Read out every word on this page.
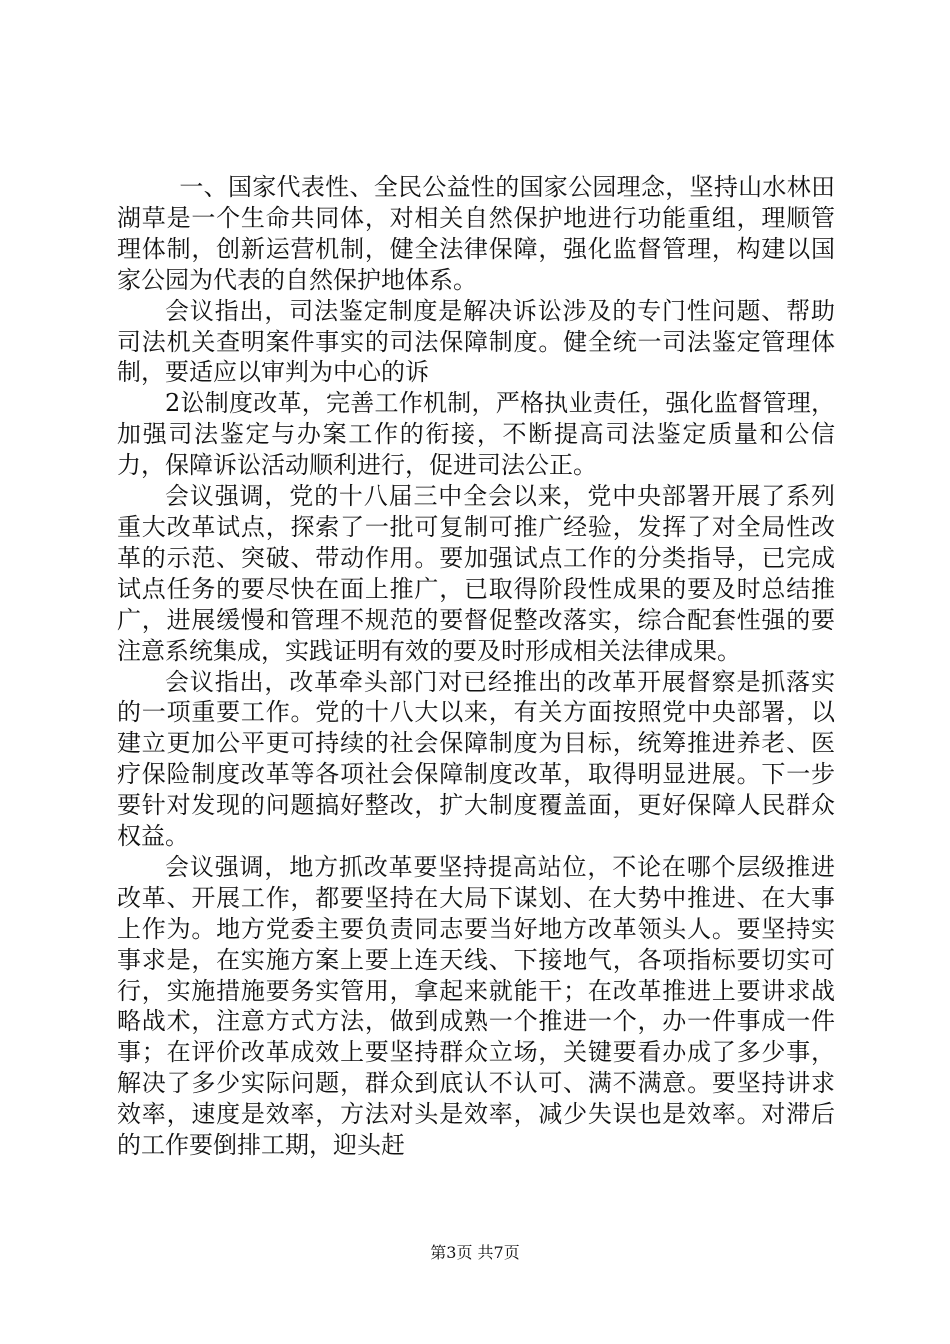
一、国家代表性、全民公益性的国家公园理念，坚持山水林田湖草是一个生命共同体，对相关自然保护地进行功能重组，理顺管理体制，创新运营机制，健全法律保障，强化监督管理，构建以国家公园为代表的自然保护地体系。

会议指出，司法鉴定制度是解决诉讼涉及的专门性问题、帮助司法机关查明案件事实的司法保障制度。健全统一司法鉴定管理体制，要适应以审判为中心的诉

2讼制度改革，完善工作机制，严格执业责任，强化监督管理，加强司法鉴定与办案工作的衔接，不断提高司法鉴定质量和公信力，保障诉讼活动顺利进行，促进司法公正。

会议强调，党的十八届三中全会以来，党中央部署开展了系列重大改革试点，探索了一批可复制可推广经验，发挥了对全局性改革的示范、突破、带动作用。要加强试点工作的分类指导，已完成试点任务的要尽快在面上推广，已取得阶段性成果的要及时总结推广，进展缓慢和管理不规范的要督促整改落实，综合配套性强的要注意系统集成，实践证明有效的要及时形成相关法律成果。

会议指出，改革牵头部门对已经推出的改革开展督察是抓落实的一项重要工作。党的十八大以来，有关方面按照党中央部署，以建立更加公平更可持续的社会保障制度为目标，统筹推进养老、医疗保险制度改革等各项社会保障制度改革，取得明显进展。下一步要针对发现的问题搞好整改，扩大制度覆盖面，更好保障人民群众权益。

会议强调，地方抓改革要坚持提高站位，不论在哪个层级推进改革、开展工作，都要坚持在大局下谋划、在大势中推进、在大事上作为。地方党委主要负责同志要当好地方改革领头人。要坚持实事求是，在实施方案上要上连天线、下接地气，各项指标要切实可行，实施措施要务实管用，拿起来就能干；在改革推进上要讲求战略战术，注意方式方法，做到成熟一个推进一个，办一件事成一件事；在评价改革成效上要坚持群众立场，关键要看办成了多少事，解决了多少实际问题，群众到底认不认可、满不满意。要坚持讲求效率，速度是效率，方法对头是效率，减少失误也是效率。对滞后的工作要倒排工期，迎头赶

第3页 共7页
